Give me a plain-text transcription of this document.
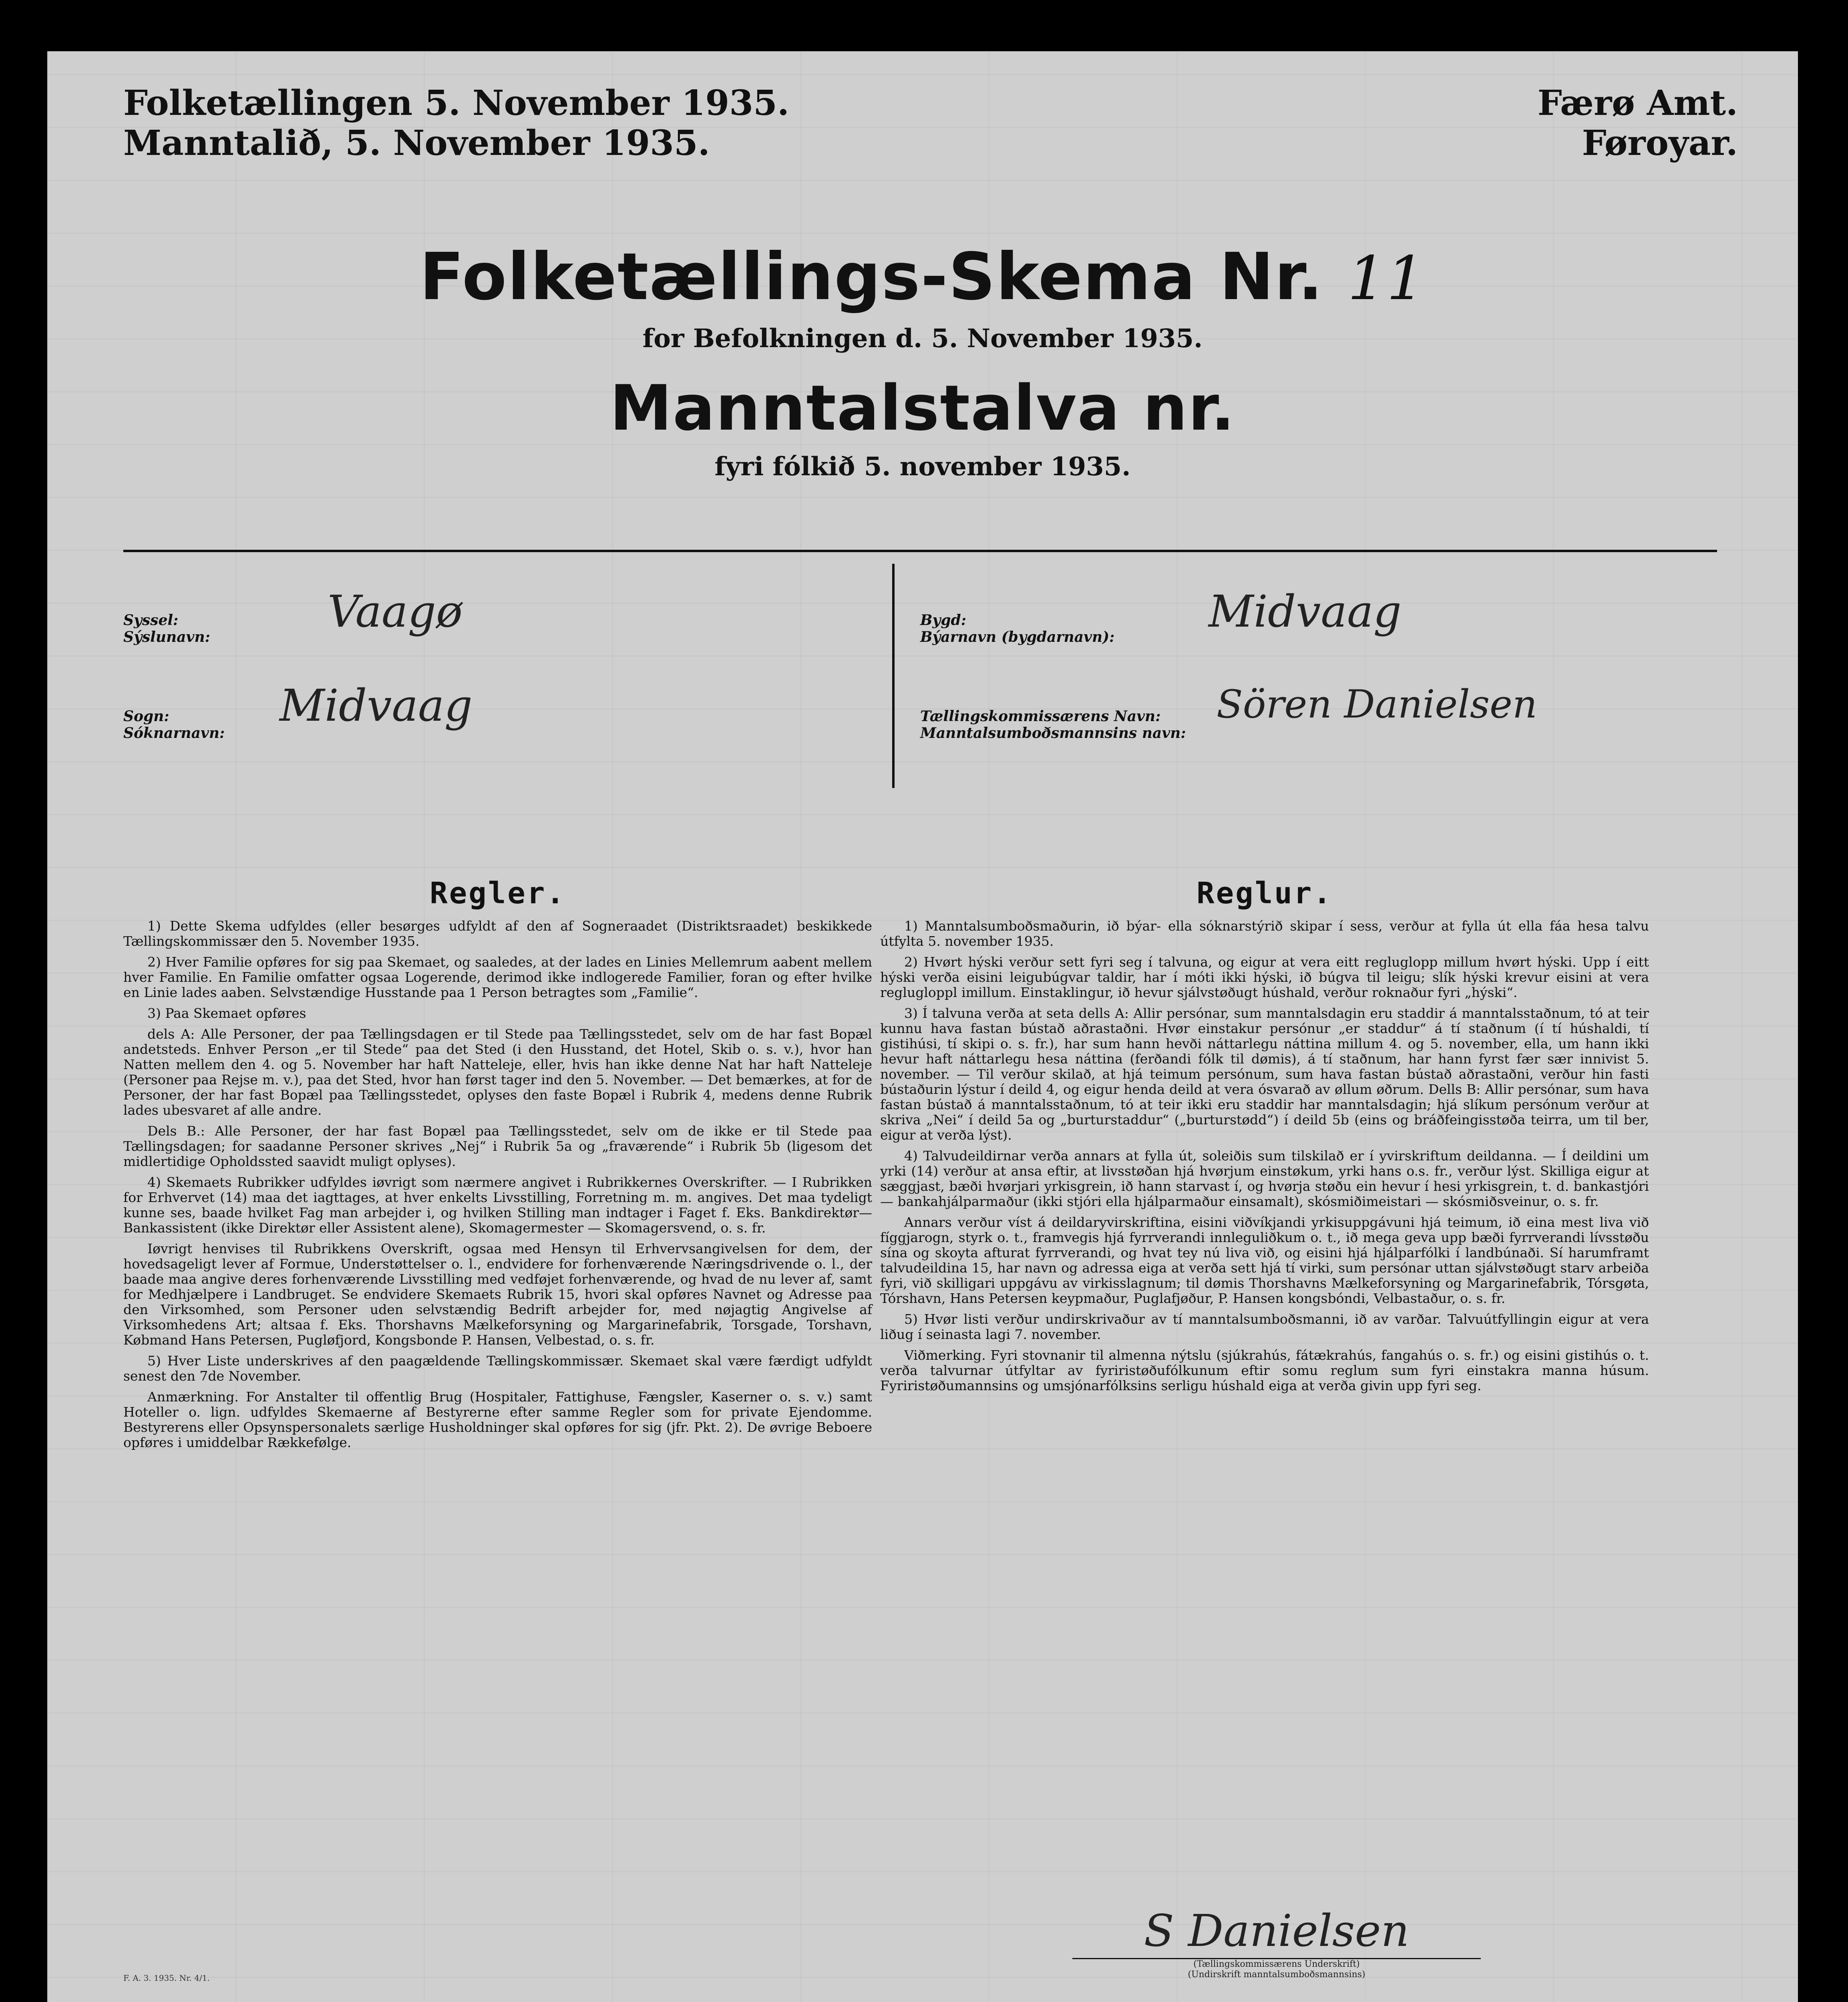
Folketællingen 5. November 1935.
Manntalið, 5. November 1935.
Færø Amt.
Føroyar.
Folketællings-Skema Nr. 11
for Befolkningen d. 5. November 1935.
Manntalstalva nr.
fyri fólkið 5. november 1935.
Syssel:
Sýslunavn:	Vaagø
Sogn:
Sóknarnavn:
Midvaag
Bygd:
Býarnavn (bygdarnavn): Midvaag
Tællingskommissærens Navn:
Manntalsumboðsmannsins navn:
Sören Danielsen
Regler.

1) Dette Skema udfyldes (eller besørges udfyldt af den af Sogneraadet (Distriktsraadet) beskikkede Tællingskommissær den 5. November 1935.

2) Hver Familie opføres for sig paa Skemaet, og saaledes, at der lades en Linies Mellemrum aabent mellem hver Familie. En Familie omfatter ogsaa Logerende, derimod ikke indlogerede Familier, foran og efter hvilke en Linie lades aaben. Selvstændige Husstande paa 1 Person betragtes som „Familie“.

3) Paa Skemaet opføres

dels A: Alle Personer, der paa Tællingsdagen er til Stede paa Tællingsstedet, selv om de har fast Bopæl andetsteds. Enhver Person „er til Stede“ paa det Sted (i den Husstand, det Hotel, Skib o. s. v.), hvor han Natten mellem den 4. og 5. November har haft Natteleje, eller, hvis han ikke denne Nat har haft Natteleje (Personer paa Rejse m. v.), paa det Sted, hvor han først tager ind den 5. November. — Det bemærkes, at for de Personer, der har fast Bopæl paa Tællingsstedet, oplyses den faste Bopæl i Rubrik 4, medens denne Rubrik lades ubesvaret af alle andre.

Dels B.: Alle Personer, der har fast Bopæl paa Tællingsstedet, selv om de ikke er til Stede paa Tællingsdagen; for saadanne Personer skrives „Nej“ i Rubrik 5a og „fraværende“ i Rubrik 5b (ligesom det midlertidige Opholdssted saavidt muligt oplyses).

4) Skemaets Rubrikker udfyldes iøvrigt som nærmere angivet i Rubrikkernes Overskrifter. — I Rubrikken for Erhvervet (14) maa det iagttages, at hver enkelts Livsstilling, Forretning m. m. angives. Det maa tydeligt kunne ses, baade hvilket Fag man arbejder i, og hvilken Stilling man indtager i Faget f. Eks. Bankdirektør—Bankassistent (ikke Direktør eller Assistent alene), Skomagermester — Skomagersvend, o. s. fr.

Iøvrigt henvises til Rubrikkens Overskrift, ogsaa med Hensyn til Erhvervsangivelsen for dem, der hovedsageligt lever af Formue, Understøttelser o. l., endvidere for forhenværende Næringsdrivende o. l., der baade maa angive deres forhenværende Livsstilling med vedføjet forhenværende, og hvad de nu lever af, samt for Medhjælpere i Landbruget. Se endvidere Skemaets Rubrik 15, hvori skal opføres Navnet og Adresse paa den Virksomhed, som Personer uden selvstændig Bedrift arbejder for, med nøjagtig Angivelse af Virksomhedens Art; altsaa f. Eks. Thorshavns Mælkeforsyning og Margarinefabrik, Torsgade, Torshavn, Købmand Hans Petersen, Pugløfjord, Kongsbonde P. Hansen, Velbestad, o. s. fr.

5) Hver Liste underskrives af den paagældende Tællingskommissær. Skemaet skal være færdigt udfyldt senest den 7de November.

Anmærkning. For Anstalter til offentlig Brug (Hospitaler, Fattighuse, Fængsler, Kaserner o. s. v.) samt Hoteller o. lign. udfyldes Skemaerne af Bestyrerne efter samme Regler som for private Ejendomme. Bestyrerens eller Opsynspersonalets særlige Husholdninger skal opføres for sig (jfr. Pkt. 2). De øvrige Beboere opføres i umiddelbar Rækkefølge.

Reglur.

1) Manntalsumboðsmaðurin, ið býar- ella sóknarstýrið skipar í sess, verður at fylla út ella fáa hesa talvu útfylta 5. november 1935.

2) Hvørt hýski verður sett fyri seg í talvuna, og eigur at vera eitt regluglopp millum hvørt hýski. Upp í eitt hýski verða eisini leigubúgvar taldir, har í móti ikki hýski, ið búgva til leigu; slík hýski krevur eisini at vera reglugloppl imillum. Einstaklingur, ið hevur sjálvstøðugt húshald, verður roknaður fyri „hýski“.

3) Í talvuna verða at seta dells A: Allir persónar, sum manntalsdagin eru staddir á manntalsstaðnum, tó at teir kunnu hava fastan bústað aðrastaðni. Hvør einstakur persónur „er staddur“ á tí staðnum (í tí húshaldi, tí gistihúsi, tí skipi o. s. fr.), har sum hann hevði náttarlegu náttina millum 4. og 5. november, ella, um hann ikki hevur haft náttarlegu hesa náttina (ferðandi fólk til dømis), á tí staðnum, har hann fyrst fær sær innivist 5. november. — Til verður skilað, at hjá teimum persónum, sum hava fastan bústað aðrastaðni, verður hin fasti bústaðurin lýstur í deild 4, og eigur henda deild at vera ósvarað av øllum øðrum. Dells B: Allir persónar, sum hava fastan bústað á manntalsstaðnum, tó at teir ikki eru staddir har manntalsdagin; hjá slíkum persónum verður at skriva „Nei“ í deild 5a og „burturstaddur“ („burturstødd“) í deild 5b (eins og bráðfeingisstøða teirra, um til ber, eigur at verða lýst).

4) Talvudeildirnar verða annars at fylla út, soleiðis sum tilskilað er í yvirskriftum deildanna. — Í deildini um yrki (14) verður at ansa eftir, at livsstøðan hjá hvørjum einstøkum, yrki hans o.s. fr., verður lýst. Skilliga eigur at sæggjast, bæði hvørjari yrkisgrein, ið hann starvast í, og hvørja støðu ein hevur í hesi yrkisgrein, t. d. bankastjóri — bankahjálparmaður (ikki stjóri ella hjálparmaður einsamalt), skósmiðimeistari — skósmiðsveinur, o. s. fr.

Annars verður víst á deildaryvirskriftina, eisini viðvíkjandi yrkisuppgávuni hjá teimum, ið eina mest liva við fíggjarogn, styrk o. t., framvegis hjá fyrrverandi innleguliðkum o. t., ið mega geva upp bæði fyrrverandi lívsstøðu sína og skoyta afturat fyrrverandi, og hvat tey nú liva við, og eisini hjá hjálparfólki í landbúnaði. Sí harumframt talvudeildina 15, har navn og adressa eiga at verða sett hjá tí virki, sum persónar uttan sjálvstøðugt starv arbeiða fyri, við skilligari uppgávu av virkisslagnum; til dømis Thorshavns Mælkeforsyning og Margarinefabrik, Tórsgøta, Tórshavn, Hans Petersen keypmaður, Puglafjøður, P. Hansen kongsbóndi, Velbastaður, o. s. fr.

5) Hvør listi verður undirskrivaður av tí manntalsumboðsmanni, ið av varðar. Talvuútfyllingin eigur at vera liðug í seinasta lagi 7. november.

Viðmerking. Fyri stovnanir til almenna nýtslu (sjúkrahús, fátækrahús, fangahús o. s. fr.) og eisini gistihús o. t. verða talvurnar útfyltar av fyriristøðufólkunum eftir somu reglum sum fyri einstakra manna húsum. Fyriristøðumannsins og umsjónarfólksins serligu húshald eiga at verða givin upp fyri seg.

S Danielsen
(Tællingskommissærens Underskrift)
(Undirskrift manntalsumboðsmannsins)
F. A. 3. 1935. Nr. 4/1.
